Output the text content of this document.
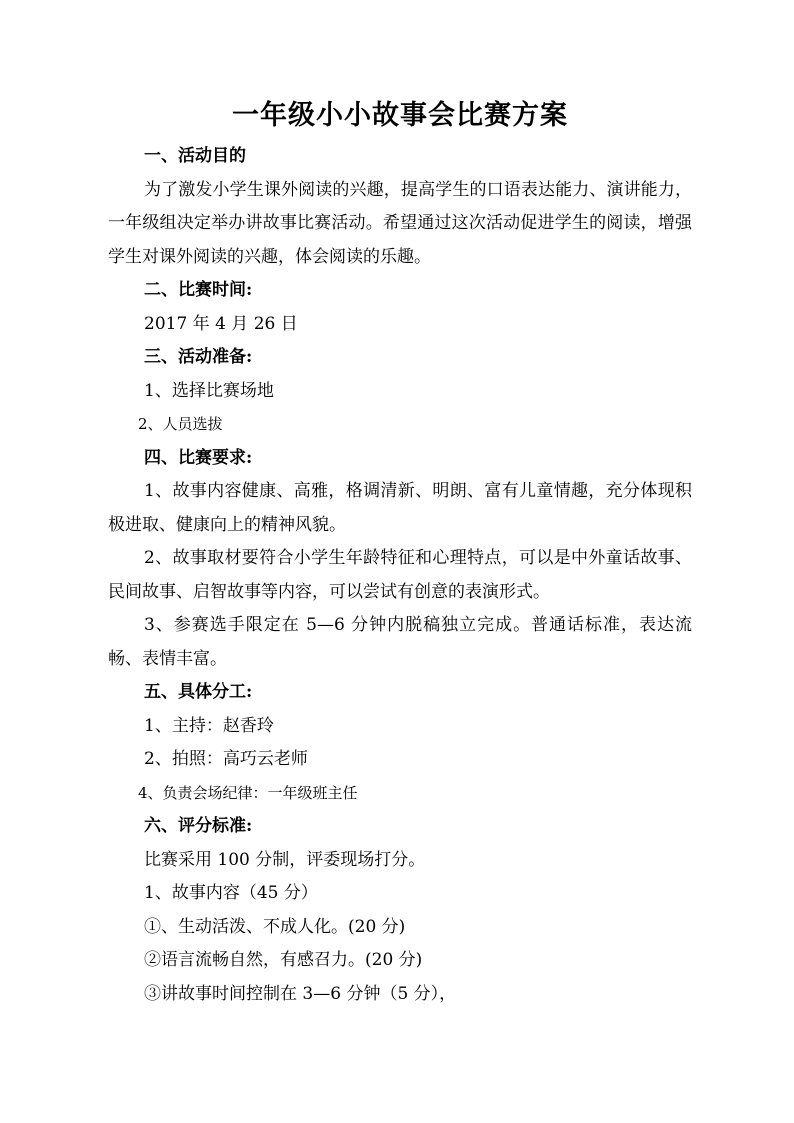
一年级小小故事会比赛方案

一、活动目的

为了激发小学生课外阅读的兴趣，提高学生的口语表达能力、演讲能力，一年级组决定举办讲故事比赛活动。希望通过这次活动促进学生的阅读，增强学生对课外阅读的兴趣，体会阅读的乐趣。

二、比赛时间:

2017 年 4 月 26 日

三、活动准备:

1、选择比赛场地

2、人员选拔

四、比赛要求:

1、故事内容健康、高雅，格调清新、明朗、富有儿童情趣，充分体现积极进取、健康向上的精神风貌。

2、故事取材要符合小学生年龄特征和心理特点，可以是中外童话故事、民间故事、启智故事等内容，可以尝试有创意的表演形式。

3、参赛选手限定在 5—6 分钟内脱稿独立完成。普通话标准，表达流畅、表情丰富。

五、具体分工:

1、主持：赵香玲

2、拍照：高巧云老师

4、负责会场纪律：一年级班主任

六、评分标准:

比赛采用 100 分制，评委现场打分。

1、故事内容（45 分）

①、生动活泼、不成人化。(20 分)

②语言流畅自然，有感召力。(20 分)

③讲故事时间控制在 3—6 分钟（5 分），
